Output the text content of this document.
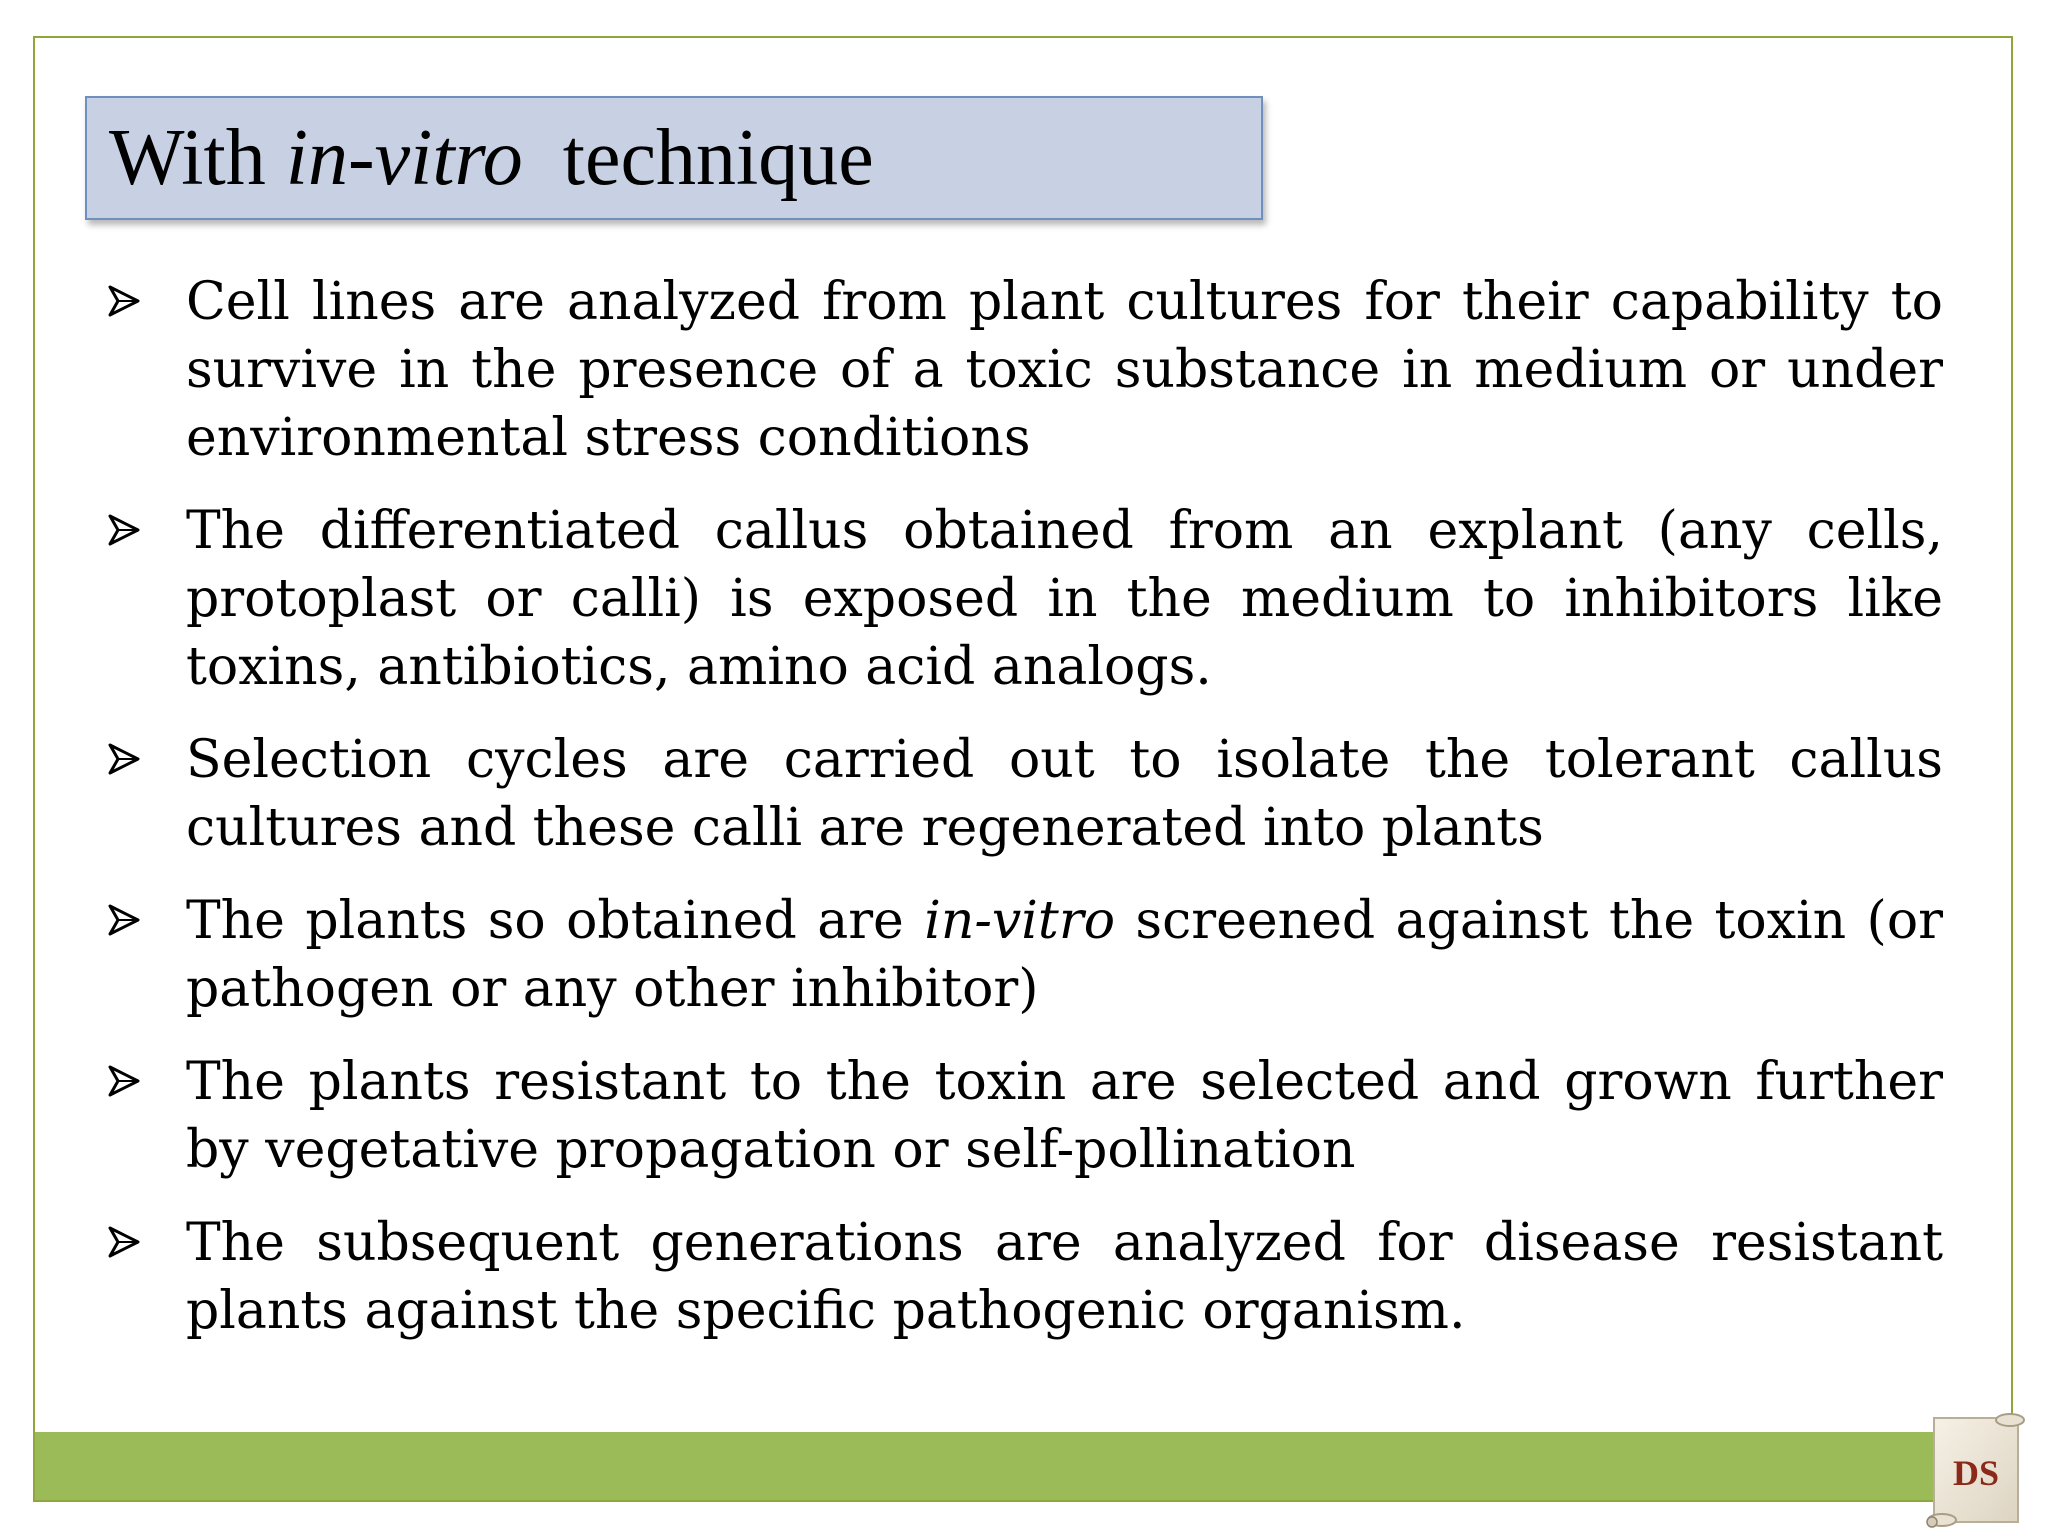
With in-vitro  technique
Cell lines are analyzed from plant cultures for their capability to survive in the presence of a toxic substance in medium or under environmental stress conditions
The differentiated callus obtained from an explant (any cells, protoplast or calli) is exposed in the medium to inhibitors like toxins, antibiotics, amino acid analogs.
Selection cycles are carried out to isolate the tolerant callus cultures and these calli are regenerated into plants
The plants so obtained are in-vitro screened against the toxin (or pathogen or any other inhibitor)
The plants resistant to the toxin are selected and grown further by vegetative propagation or self-pollination
The subsequent generations are analyzed for disease resistant plants against the specific pathogenic organism.
DS
